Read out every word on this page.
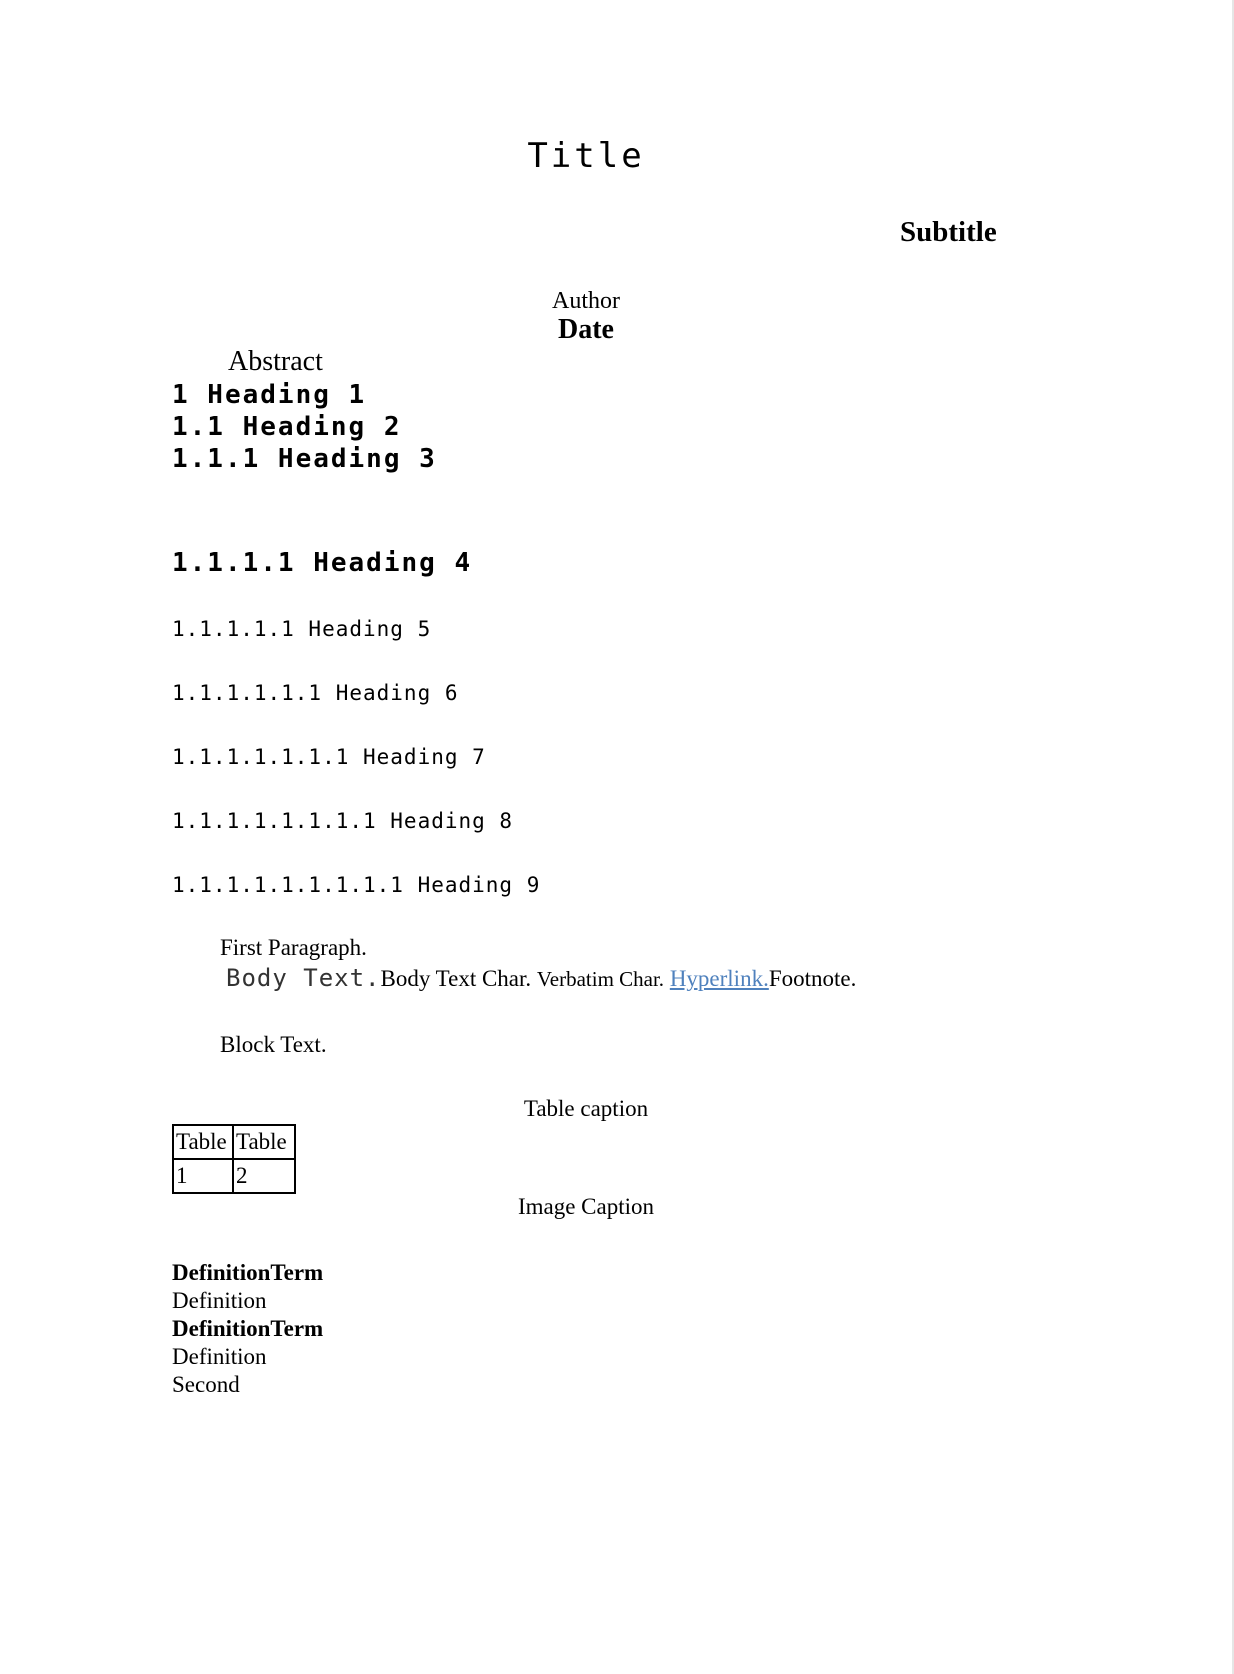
Title
Subtitle
Author
Date
Abstract
1 Heading 1
1.1 Heading 2
1.1.1 Heading 3
1.1.1.1 Heading 4
1.1.1.1.1 Heading 5
1.1.1.1.1.1 Heading 6
1.1.1.1.1.1.1 Heading 7
1.1.1.1.1.1.1.1 Heading 8
1.1.1.1.1.1.1.1.1 Heading 9
First Paragraph.
Body Text.Body Text Char. Verbatim Char. Hyperlink.Footnote.
Block Text.
Table caption
Table	Table
1	2
Image Caption
DefinitionTerm
Definition
DefinitionTerm
Definition
Second
